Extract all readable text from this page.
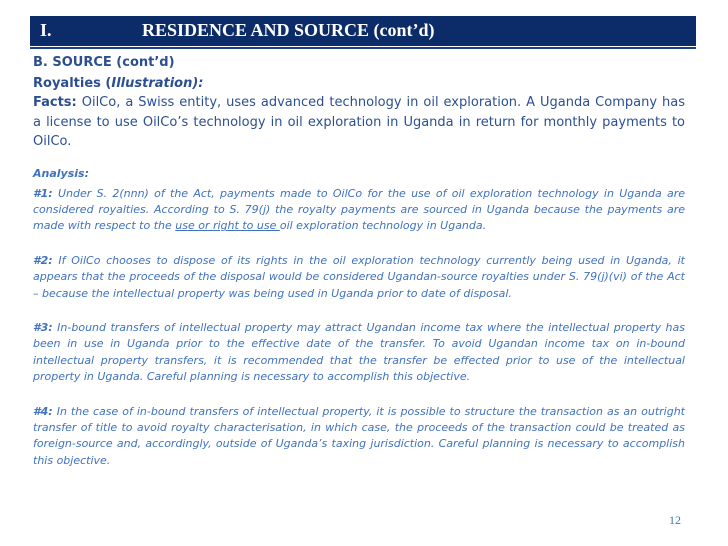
I.	RESIDENCE AND SOURCE (cont’d)

B. SOURCE (cont’d)

Royalties (Illustration):

Facts: OilCo, a Swiss entity, uses advanced technology in oil exploration. A Uganda Company has a license to use OilCo’s technology in oil exploration in Uganda in return for monthly payments to OilCo.

Analysis:

#1: Under S. 2(nnn) of the Act, payments made to OilCo for the use of oil exploration technology in Uganda are considered royalties. According to S. 79(j) the royalty payments are sourced in Uganda because the payments are made with respect to the use or right to use oil exploration technology in Uganda.

#2: If OilCo chooses to dispose of its rights in the oil exploration technology currently being used in Uganda, it appears that the proceeds of the disposal would be considered Ugandan-source royalties under S. 79(j)(vi) of the Act – because the intellectual property was being used in Uganda prior to date of disposal.

#3: In-bound transfers of intellectual property may attract Ugandan income tax where the intellectual property has been in use in Uganda prior to the effective date of the transfer. To avoid Ugandan income tax on in-bound intellectual property transfers, it is recommended that the transfer be effected prior to use of the intellectual property in Uganda. Careful planning is necessary to accomplish this objective.

#4: In the case of in-bound transfers of intellectual property, it is possible to structure the transaction as an outright transfer of title to avoid royalty characterisation, in which case, the proceeds of the transaction could be treated as foreign-source and, accordingly, outside of Uganda’s taxing jurisdiction. Careful planning is necessary to accomplish this objective.

12
